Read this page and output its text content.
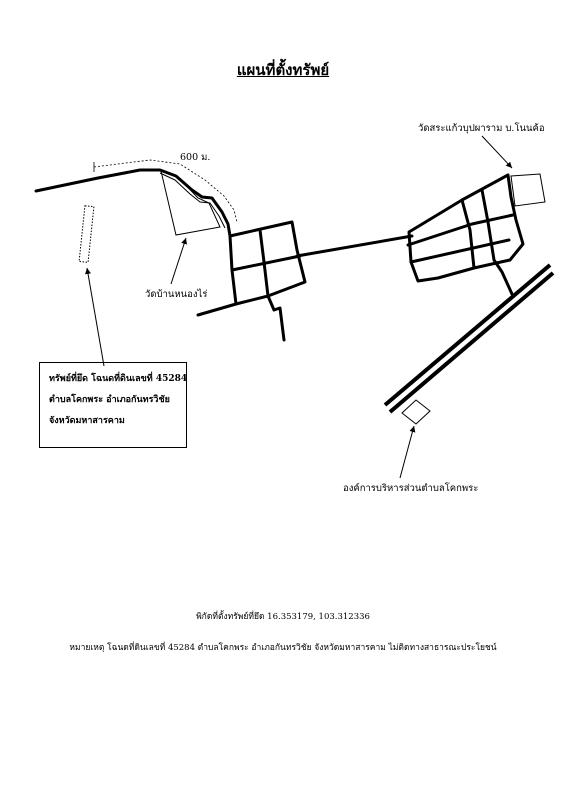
แผนที่ตั้งทรัพย์
600 ม.
วัดสระแก้วบุปผาราม บ.โนนค้อ
วัดบ้านหนองไร่
องค์การบริหารส่วนตำบลโคกพระ
ทรัพย์ที่ยึด โฉนดที่ดินเลขที่ 45284
ตำบลโคกพระ อำเภอกันทรวิชัย
จังหวัดมหาสารคาม
พิกัดที่ตั้งทรัพย์ที่ยึด 16.353179, 103.312336
หมายเหตุ โฉนดที่ดินเลขที่ 45284 ตำบลโคกพระ อำเภอกันทรวิชัย จังหวัดมหาสารคาม ไม่ติดทางสาธารณะประโยชน์
